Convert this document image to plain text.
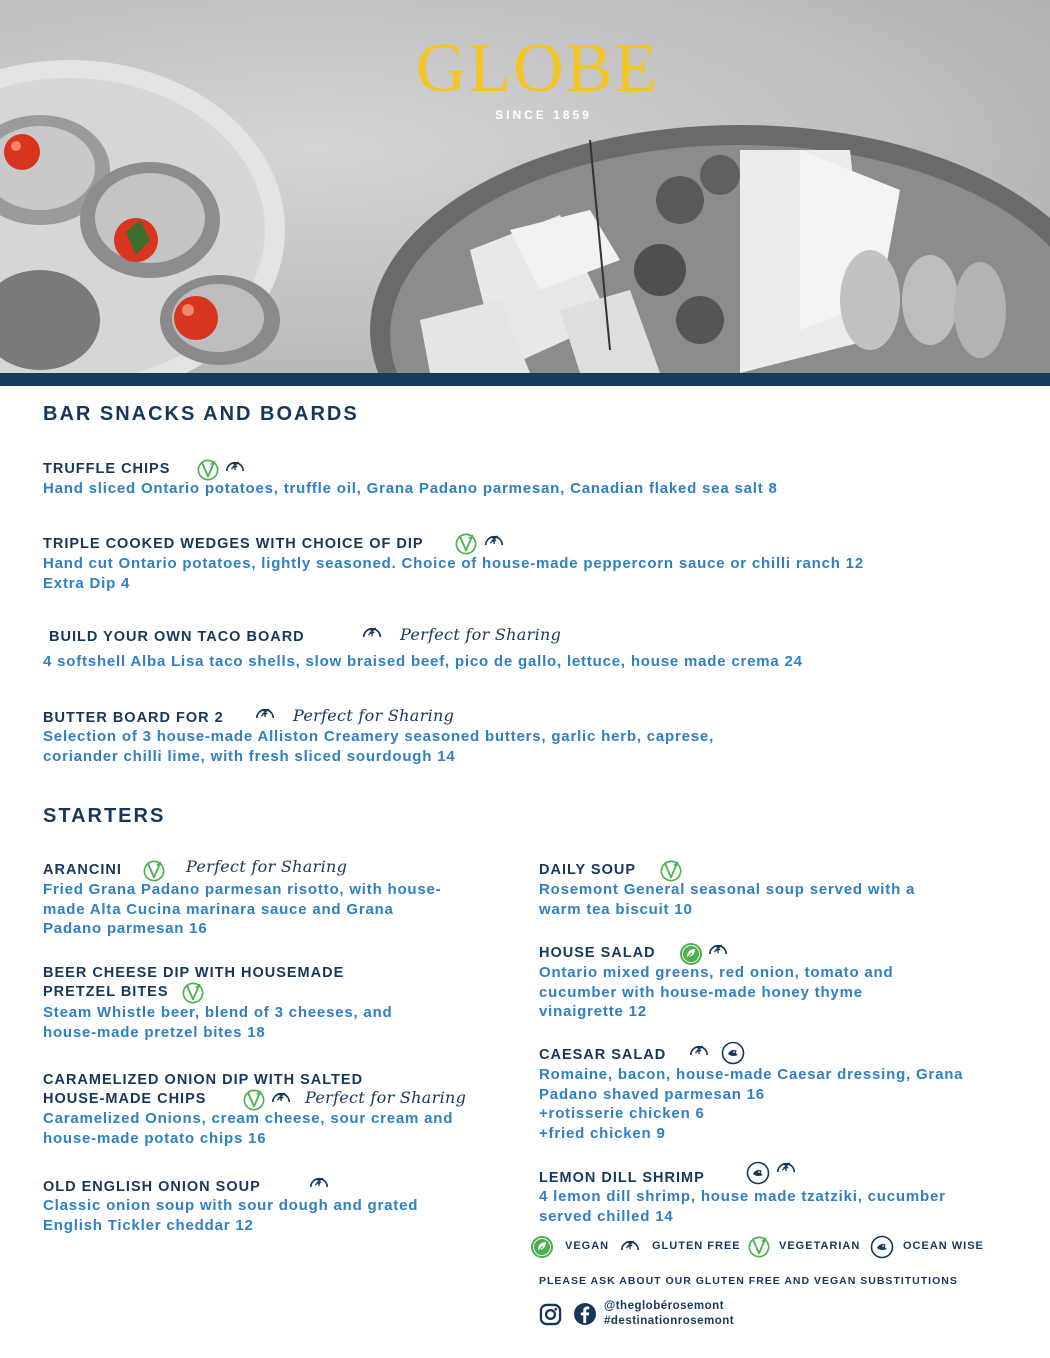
GLOBE
SINCE 1859
BAR SNACKS AND BOARDS
TRUFFLE CHIPS
Hand sliced Ontario potatoes, truffle oil, Grana Padano parmesan, Canadian flaked sea salt 8
TRIPLE COOKED WEDGES WITH CHOICE OF DIP
Hand cut Ontario potatoes, lightly seasoned. Choice of house-made peppercorn sauce or chilli ranch 12
Extra Dip 4
BUILD YOUR OWN TACO BOARD	Perfect for Sharing
4 softshell Alba Lisa taco shells, slow braised beef, pico de gallo, lettuce, house made crema 24
BUTTER BOARD FOR 2	Perfect for Sharing
Selection of 3 house-made Alliston Creamery seasoned butters, garlic herb, caprese,
coriander chilli lime, with fresh sliced sourdough 14
STARTERS
ARANCINI	Perfect for Sharing
Fried Grana Padano parmesan risotto, with house-
made Alta Cucina marinara sauce and Grana
Padano parmesan 16
BEER CHEESE DIP WITH HOUSEMADE
PRETZEL BITES
Steam Whistle beer, blend of 3 cheeses, and
house-made pretzel bites 18
CARAMELIZED ONION DIP WITH SALTED
HOUSE-MADE CHIPS	Perfect for Sharing
Caramelized Onions, cream cheese, sour cream and
house-made potato chips 16
OLD ENGLISH ONION SOUP
Classic onion soup with sour dough and grated
English Tickler cheddar 12
DAILY SOUP
Rosemont General seasonal soup served with a
warm tea biscuit 10
HOUSE SALAD
Ontario mixed greens, red onion, tomato and
cucumber with house-made honey thyme
vinaigrette 12
CAESAR SALAD
Romaine, bacon, house-made Caesar dressing, Grana
Padano shaved parmesan 16
+rotisserie chicken 6
+fried chicken 9
LEMON DILL SHRIMP
4 lemon dill shrimp, house made tzatziki, cucumber
served chilled 14
VEGAN	GLUTEN FREE	VEGETARIAN	OCEAN WISE
PLEASE ASK ABOUT OUR GLUTEN FREE AND VEGAN SUBSTITUTIONS
@theglobérosemont
#destinationrosemont
